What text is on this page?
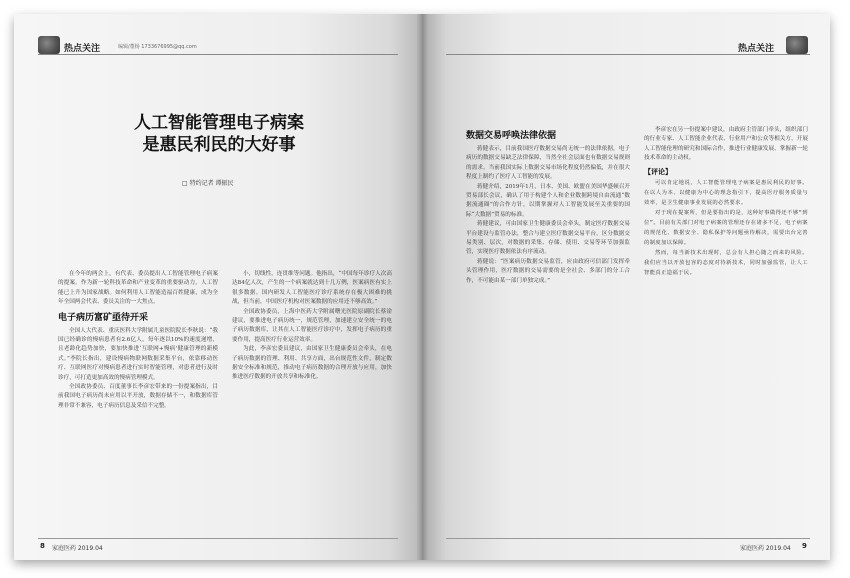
热点关注	编辑/董杨 1733676995@qq.com
人工智能管理电子病案
是惠民利民的大好事
□ 特约记者 谭振民

在今年的两会上，有代表、委员提出人工智能管理电子病案的提案。作为新一轮科技革命和产业变革的重要驱动力，人工智能已上升为国家战略。如何利用人工智能造福百姓健康，成为全年全国两会代表、委员关注的一大焦点。

电子病历富矿亟待开采

全国人大代表、重庆医科大学附属儿童医院院长李秋说：“我国已经确诊的慢病患者有2.6亿人，每年逐以10%的速度递增，且老龄化趋势加快，要加快推进‘互联网+慢病’健康管理的新模式。”李院长指出，建设慢病物联网数据采集平台，依靠移动医疗、互联网医疗对慢病患者进行实时智能管理，对患者进行及时诊疗，可打造更加高效的慢病管理模式。

全国政协委员、百度董事长李彦宏带来的一份提案指出，目前我国电子病历尚未应用以平开放，数据存储不一，和数据库管理非常不兼容，电子病历信息及采信不完整。

小，切线性，连贯维等问题。他指出，“中国每年诊疗人次高达84亿人次，产生的一个病案就达到十几万例，医案病医有实上很多数据。国内研发人工智能医疗诊疗系统存在极大困难的挑战，但当前，中国医疗机构对医案数据的应用还不够高效。”

全国政协委员，上海中医药大学附属曙光医院原副院长蔡淦建议，要推进电子病历统一，规范管理，加速建立安全统一的电子病历数据库，让其在人工智能医疗诊疗中，发挥电子病历的重要作用，提高医疗行业运营效率。

为此，李彦宏委员建议，由国家卫生健康委员会牵头，在电子病历数据的管理、利用、共享方面，出台规范性文件，制定数据安全标准和规范，推动电子病历数据的合理开放与应用，加快推进医疗数据的开放共享和标准化。

8 家庭医药 2019.04
热点关注
数据交易呼唤法律依据

蒋健表示，目前我国医疗数据交易尚无统一的法律依据，电子病历的数据交易缺乏法律保障，当然全社会层面也有数据交易规则的需求。当前我国实际上数据交易市场化程度仍然偏低，并在很大程度上制约了医疗人工智能的发展。

蒋健介绍，2019年1月，日本、美国、欧盟在美国华盛顿召开贸易部长会议，确认了用于构建个人和企业数据跨境自由流通“数据流通圈”的合作方针，以期掌握对人工智能发展至关重要的国际“大数据”贸易的标准。

蒋健建议，可由国家卫生健康委员会牵头，制定医疗数据交易平台建设与监管办法，整合与建立医疗数据交易平台，区分数据交易类别、层次，对数据的采集、存储、使用、交易等环节加强监管，实现医疗数据依法有序流动。

蒋健说：“医案病历数据交易监管，应由政府可信部门发挥牵头管理作用，医疗数据的交易需要的是全社会、多部门的分工合作，不可能由某一部门单独完成。”

李彦宏在另一份提案中建议，由政府主管部门牵头，组织部门的行业专家、人工智能企业代表、行业用户和公众等相关方，开展人工智能伦理的研究和国际合作，推进行业健康发展、掌握新一轮技术革命的主动权。

【评论】

可以肯定地说，人工智能管理电子病案是惠民利民的好事。在以人为本、以健康为中心的理念指引下，提高医疗服务质量与效率，是卫生健康事业发展的必然要求。

对于现在提案所，但是要指出的是，这种好事做得还不够“到位”。目前有关部门对电子病案的管理还存在诸多不足，电子病案的规范化、数据安全、隐私保护等问题亟待解决，需要出台完善的制度加以保障。

然而，每当新技术出现时，总会有人担心随之而来的风险。我们应当以开放包容的态度对待新技术，同时加强监管，让人工智能真正造福于民。

家庭医药 2019.04 9
